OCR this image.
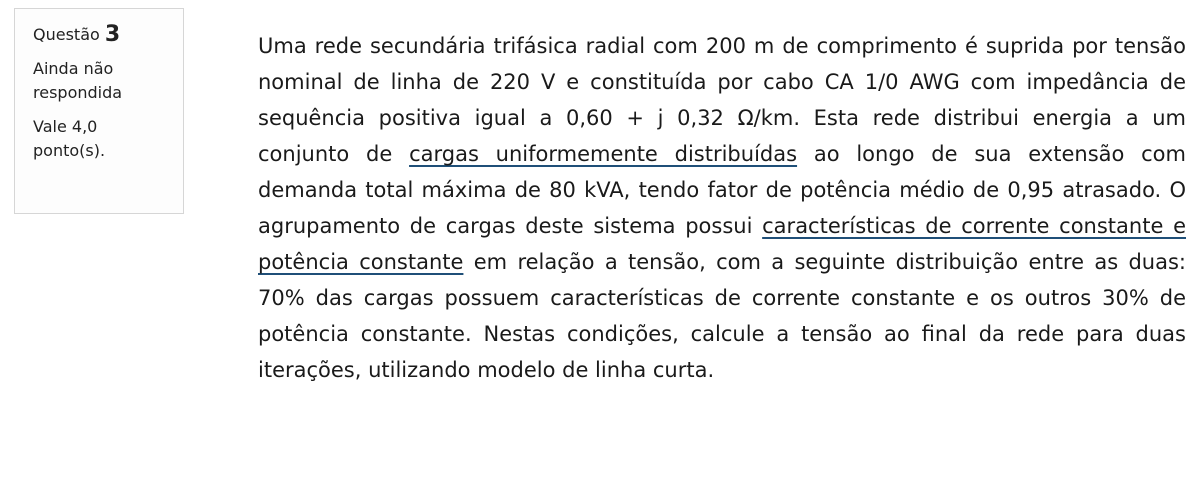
Questão 3
Ainda não respondida
Vale 4,0 ponto(s).

Uma rede secundária trifásica radial com 200 m de comprimento é suprida por tensão nominal de linha de 220 V e constituída por cabo CA 1/0 AWG com impedância de sequência positiva igual a 0,60 + j 0,32 Ω/km. Esta rede distribui energia a um conjunto de cargas uniformemente distribuídas ao longo de sua extensão com demanda total máxima de 80 kVA, tendo fator de potência médio de 0,95 atrasado. O agrupamento de cargas deste sistema possui características de corrente constante e potência constante em relação a tensão, com a seguinte distribuição entre as duas: 70% das cargas possuem características de corrente constante e os outros 30% de potência constante. Nestas condições, calcule a tensão ao final da rede para duas iterações, utilizando modelo de linha curta.
